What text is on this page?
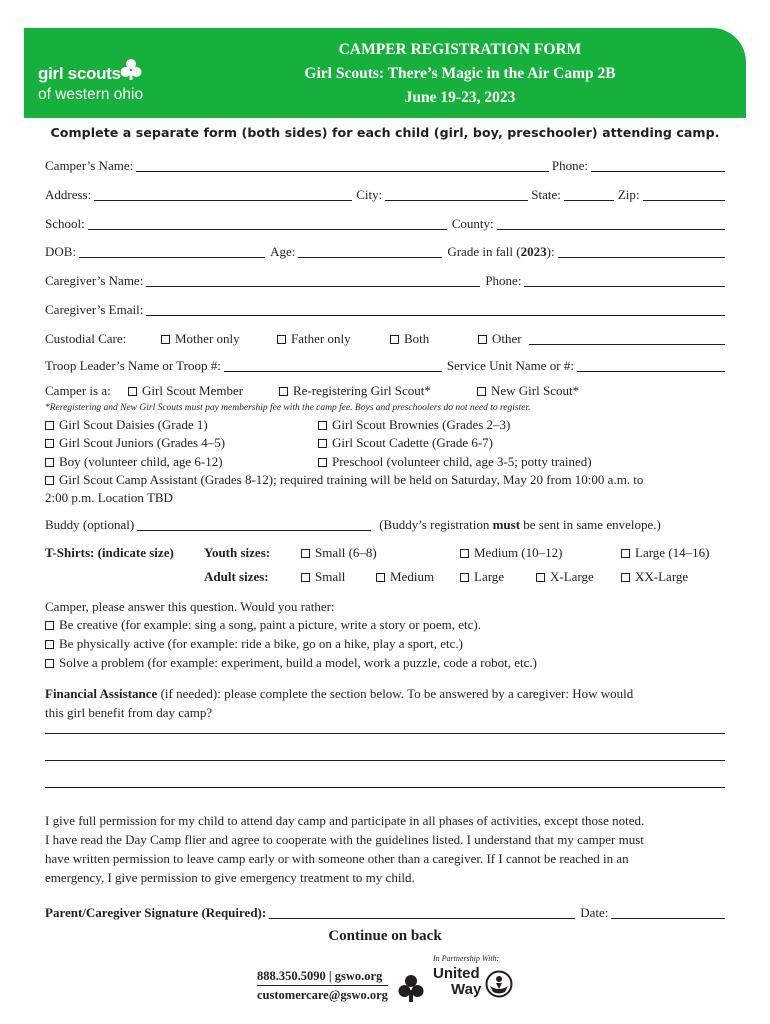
girl scouts
of western ohio
CAMPER REGISTRATION FORM
Girl Scouts: There’s Magic in the Air Camp 2B
June 19-23, 2023
Complete a separate form (both sides) for each child (girl, boy, preschooler) attending camp.
Camper’s Name:	Phone:
Address:	City:	State:	Zip:
School:	County:
DOB:	Age:	Grade in fall (2023):
Caregiver’s Name:	Phone:
Caregiver’s Email:
Custodial Care:	Mother only	Father only	Both	Other
Troop Leader’s Name or Troop #:	Service Unit Name or #:
Camper is a:	Girl Scout Member	Re-registering Girl Scout*	New Girl Scout*
*Reregistering and New Girl Scouts must pay membership fee with the camp fee. Boys and preschoolers do not need to register.
Girl Scout Daisies (Grade 1)	Girl Scout Brownies (Grades 2–3)
Girl Scout Juniors (Grades 4–5)	Girl Scout Cadette (Grade 6-7)
Boy (volunteer child, age 6-12)	Preschool (volunteer child, age 3-5; potty trained)
Girl Scout Camp Assistant (Grades 8-12); required training will be held on Saturday, May 20 from 10:00 a.m. to
2:00 p.m. Location TBD
Buddy (optional)	(Buddy’s registration must be sent in same envelope.)
T-Shirts: (indicate size) Youth sizes:	Small (6–8)	Medium (10–12)	Large (14–16)
Adult sizes:	Small	Medium	Large	X-Large	XX-Large
Camper, please answer this question. Would you rather:
Be creative (for example: sing a song, paint a picture, write a story or poem, etc).
Be physically active (for example: ride a bike, go on a hike, play a sport, etc.)
Solve a problem (for example: experiment, build a model, work a puzzle, code a robot, etc.)
Financial Assistance (if needed): please complete the section below. To be answered by a caregiver: How would
this girl benefit from day camp?
I give full permission for my child to attend day camp and participate in all phases of activities, except those noted.
I have read the Day Camp flier and agree to cooperate with the guidelines listed. I understand that my camper must
have written permission to leave camp early or with someone other than a caregiver. If I cannot be reached in an
emergency, I give permission to give emergency treatment to my child.
Parent/Caregiver Signature (Required):	Date:
Continue on back
888.350.5090 | gswo.org
customercare@gswo.org
In Partnership With:
United
Way
